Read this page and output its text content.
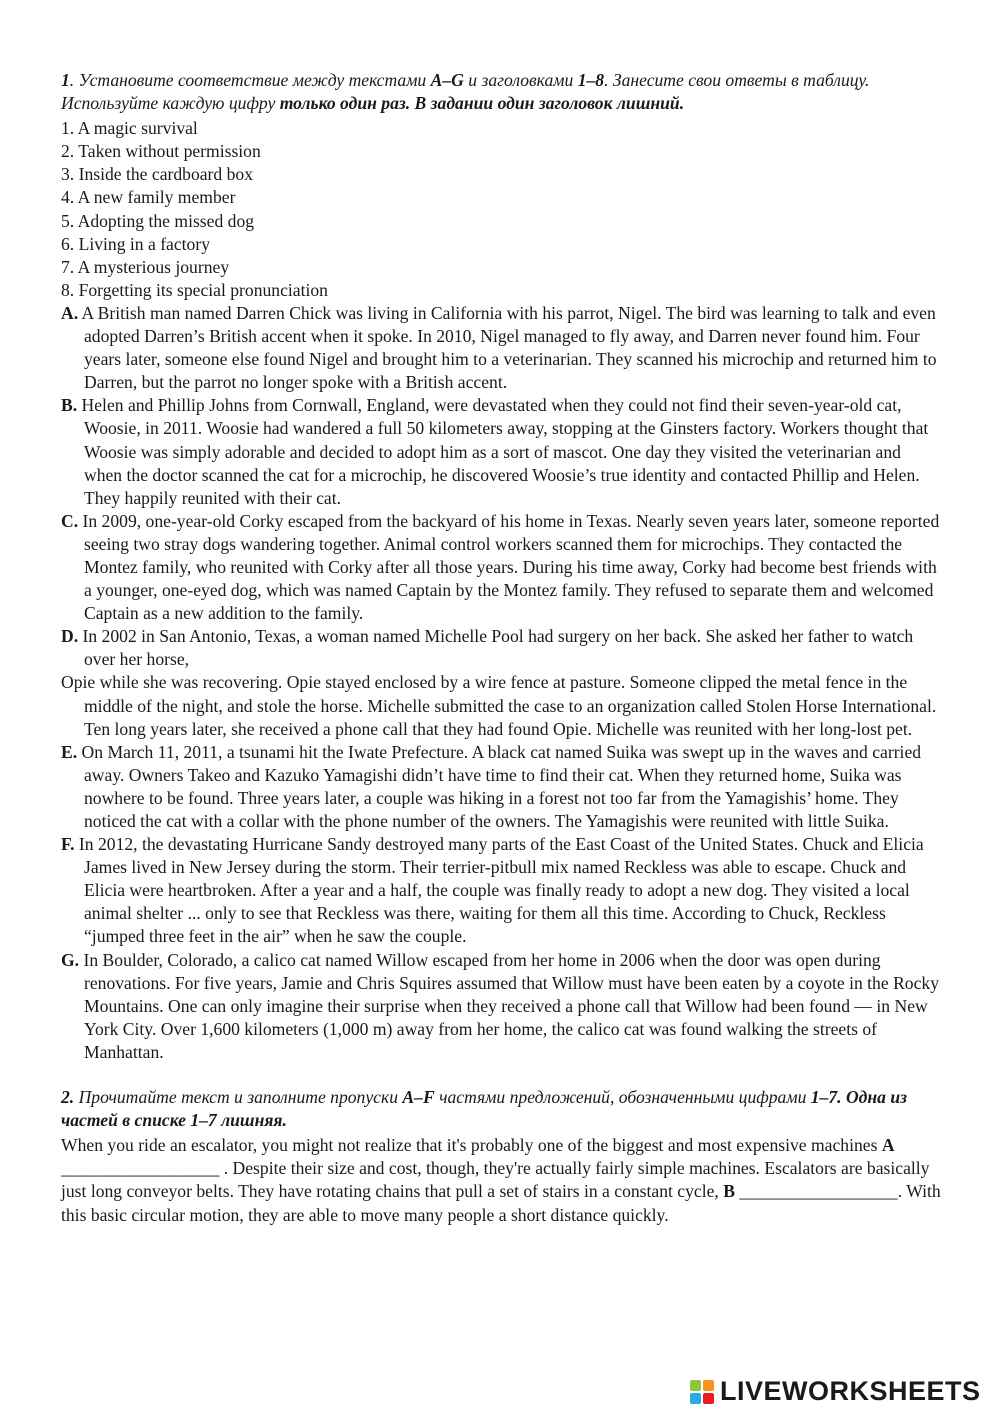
1. Установите соответствие между текстами A–G и заголовками 1–8. Занесите свои ответы в таблицу. Используйте каждую цифру только один раз. В задании один заголовок лишний.

1. A magic survival
2. Taken without permission
3. Inside the cardboard box
4. A new family member
5. Adopting the missed dog
6. Living in a factory
7. A mysterious journey
8. Forgetting its special pronunciation

A. A British man named Darren Chick was living in California with his parrot, Nigel. The bird was learning to talk and even adopted Darren’s British accent when it spoke. In 2010, Nigel managed to fly away, and Darren never found him. Four years later, someone else found Nigel and brought him to a veterinarian. They scanned his microchip and returned him to Darren, but the parrot no longer spoke with a British accent.

B. Helen and Phillip Johns from Cornwall, England, were devastated when they could not find their seven-year-old cat, Woosie, in 2011. Woosie had wandered a full 50 kilometers away, stopping at the Ginsters factory. Workers thought that Woosie was simply adorable and decided to adopt him as a sort of mascot. One day they visited the veterinarian and when the doctor scanned the cat for a microchip, he discovered Woosie’s true identity and contacted Phillip and Helen. They happily reunited with their cat.

C. In 2009, one-year-old Corky escaped from the backyard of his home in Texas. Nearly seven years later, someone reported seeing two stray dogs wandering together. Animal control workers scanned them for microchips. They contacted the Montez family, who reunited with Corky after all those years. During his time away, Corky had become best friends with a younger, one-eyed dog, which was named Captain by the Montez family. They refused to separate them and welcomed Captain as a new addition to the family.

D. In 2002 in San Antonio, Texas, a woman named Michelle Pool had surgery on her back. She asked her father to watch over her horse,

Opie while she was recovering. Opie stayed enclosed by a wire fence at pasture. Someone clipped the metal fence in the middle of the night, and stole the horse. Michelle submitted the case to an organization called Stolen Horse International. Ten long years later, she received a phone call that they had found Opie. Michelle was reunited with her long-lost pet.

E. On March 11, 2011, a tsunami hit the Iwate Prefecture. A black cat named Suika was swept up in the waves and carried away. Owners Takeo and Kazuko Yamagishi didn’t have time to find their cat. When they returned home, Suika was nowhere to be found. Three years later, a couple was hiking in a forest not too far from the Yamagishis’ home. They noticed the cat with a collar with the phone number of the owners. The Yamagishis were reunited with little Suika.

F. In 2012, the devastating Hurricane Sandy destroyed many parts of the East Coast of the United States. Chuck and Elicia James lived in New Jersey during the storm. Their terrier-pitbull mix named Reckless was able to escape. Chuck and Elicia were heartbroken. After a year and a half, the couple was finally ready to adopt a new dog. They visited a local animal shelter ... only to see that Reckless was there, waiting for them all this time. According to Chuck, Reckless “jumped three feet in the air” when he saw the couple.

G. In Boulder, Colorado, a calico cat named Willow escaped from her home in 2006 when the door was open during renovations. For five years, Jamie and Chris Squires assumed that Willow must have been eaten by a coyote in the Rocky Mountains. One can only imagine their surprise when they received a phone call that Willow had been found — in New York City. Over 1,600 kilometers (1,000 m) away from her home, the calico cat was found walking the streets of Manhattan.

2. Прочитайте текст и заполните пропуски A–F частями предложений, обозначенными цифрами 1–7. Одна из частей в списке 1–7 лишняя.

When you ride an escalator, you might not realize that it's probably one of the biggest and most expensive machines A __________________ . Despite their size and cost, though, they're actually fairly simple machines. Escalators are basically just long conveyor belts. They have rotating chains that pull a set of stairs in a constant cycle, B __________________. With this basic circular motion, they are able to move many people a short distance quickly.

LIVEWORKSHEETS
